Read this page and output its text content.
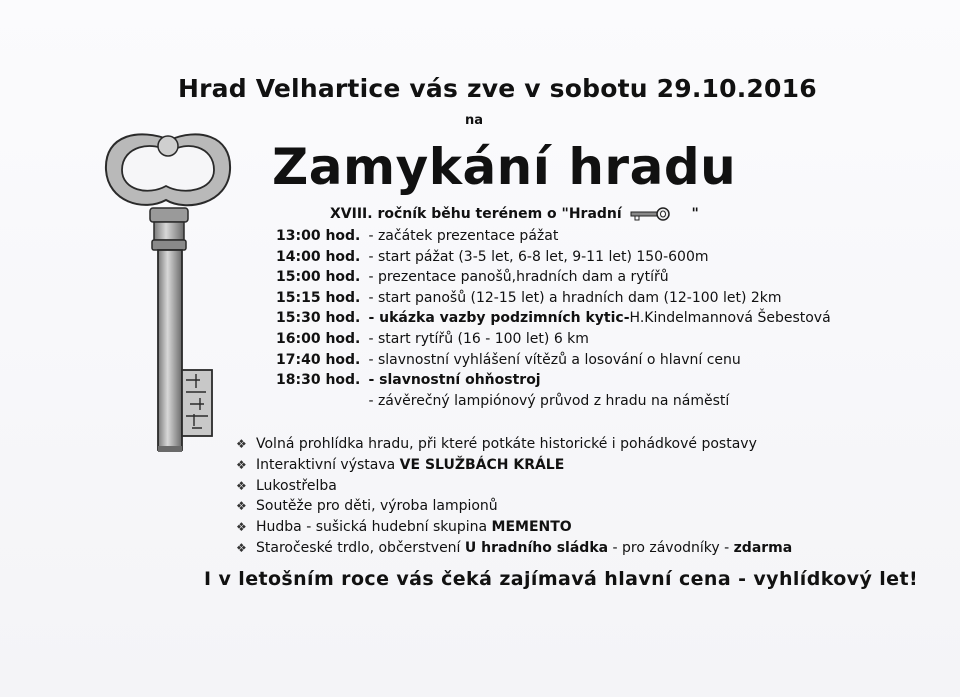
Hrad Velhartice vás zve v sobotu 29.10.2016
na
Zamykání hradu
XVIII. ročník běhu terénem o "Hradní	"
13:00 hod. - začátek prezentace pážat
14:00 hod. - start pážat (3-5 let, 6-8 let, 9-11 let) 150-600m
15:00 hod. - prezentace panošů,hradních dam a rytířů
15:15 hod. - start panošů (12-15 let) a hradních dam (12-100 let) 2km
15:30 hod. - ukázka vazby podzimních kytic-H.Kindelmannová Šebestová
16:00 hod. - start rytířů (16 - 100 let) 6 km
17:40 hod. - slavnostní vyhlášení vítězů a losování o hlavní cenu
18:30 hod. - slavnostní ohňostroj
- závěrečný lampiónový průvod z hradu na náměstí
❖ Volná prohlídka hradu, při které potkáte historické i pohádkové postavy
❖ Interaktivní výstava VE SLUŽBÁCH KRÁLE
❖ Lukostřelba
❖ Soutěže pro děti, výroba lampionů
❖ Hudba - sušická hudební skupina MEMENTO
❖ Staročeské trdlo, občerstvení U hradního sládka - pro závodníky - zdarma
I v letošním roce vás čeká zajímavá hlavní cena - vyhlídkový let!
